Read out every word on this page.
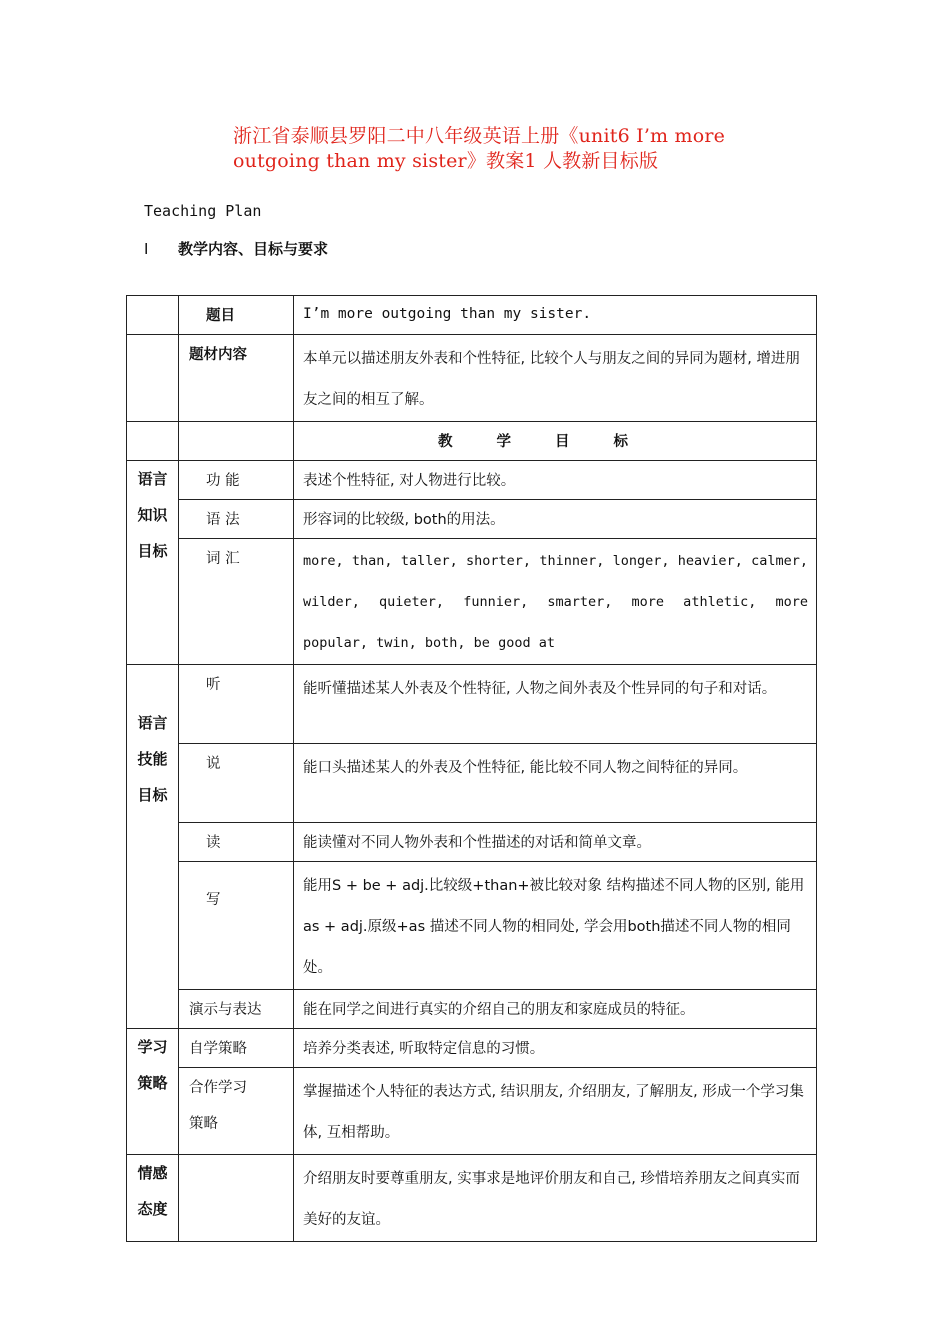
浙江省泰顺县罗阳二中八年级英语上册《unit6 I’m more

outgoing than my sister》教案1 人教新目标版
Teaching Plan
I 教学内容、目标与要求
	题目	I’m more outgoing than my sister.
	题材内容	本单元以描述朋友外表和个性特征, 比较个人与朋友之间的异同为题材, 增进朋友之间的相互了解。
		教学目标

语言
知识
目标	功 能	表述个性特征, 对人物进行比较。
	语 法	形容词的比较级, both的用法。
	词 汇	more, than, taller, shorter, thinner, longer, heavier, calmer, wilder, quieter, funnier, smarter, more athletic, more popular, twin, both, be good at

语言
技能
目标	听	能听懂描述某人外表及个性特征, 人物之间外表及个性异同的句子和对话。
	说	能口头描述某人的外表及个性特征, 能比较不同人物之间特征的异同。
	读	能读懂对不同人物外表和个性描述的对话和简单文章。
	写	能用S + be + adj.比较级+than+被比较对象 结构描述不同人物的区别, 能用as + adj.原级+as 描述不同人物的相同处, 学会用both描述不同人物的相同处。
	演示与表达	能在同学之间进行真实的介绍自己的朋友和家庭成员的特征。

学习
策略	自学策略	培养分类表述, 听取特定信息的习惯。
	合作学习策略	掌握描述个人特征的表达方式, 结识朋友, 介绍朋友, 了解朋友, 形成一个学习集体, 互相帮助。

情感
态度		介绍朋友时要尊重朋友, 实事求是地评价朋友和自己, 珍惜培养朋友之间真实而美好的友谊。
